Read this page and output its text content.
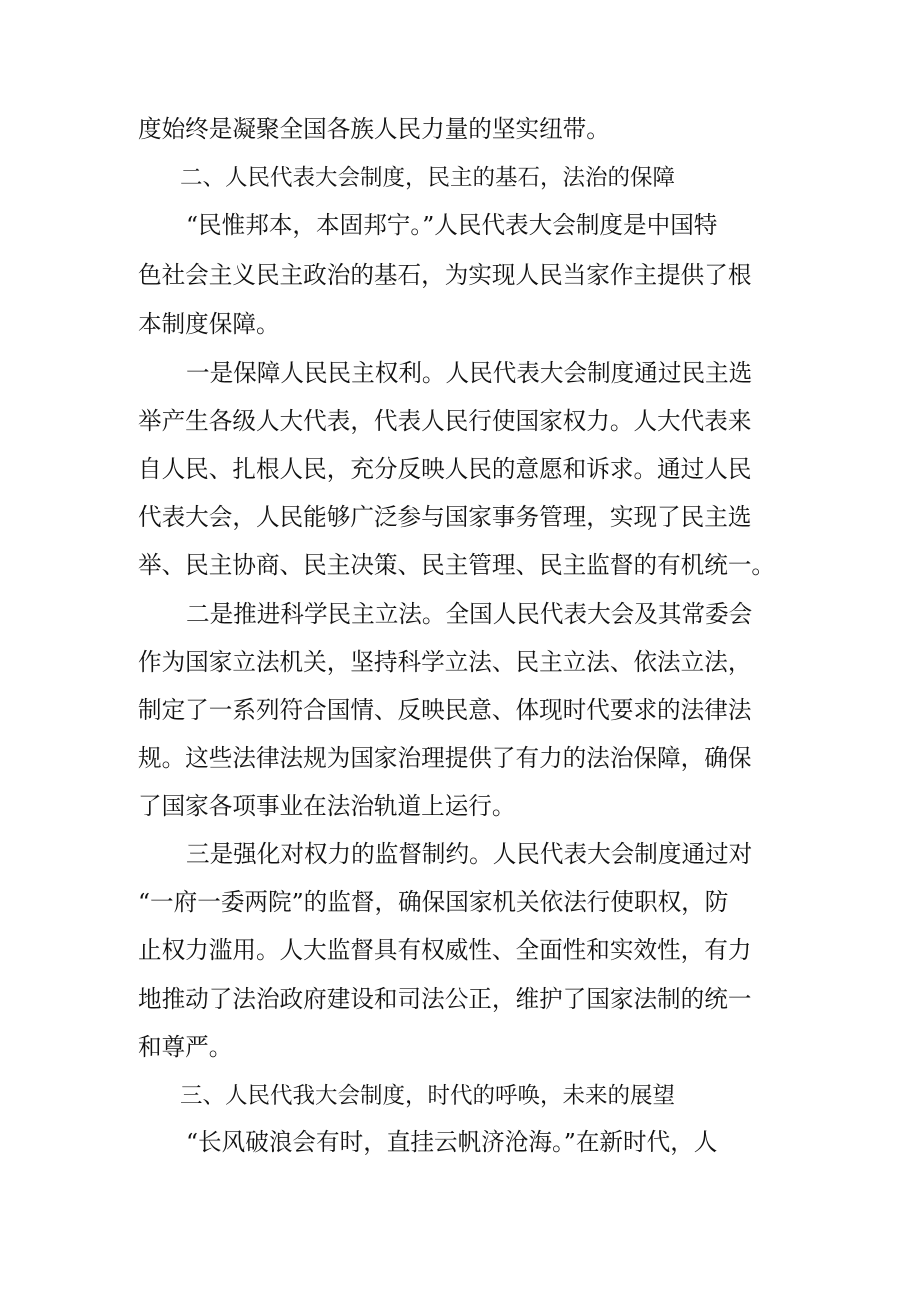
度始终是凝聚全国各族人民力量的坚实纽带。
二、人民代表大会制度，民主的基石，法治的保障
“民惟邦本，本固邦宁。”人民代表大会制度是中国特
色社会主义民主政治的基石，为实现人民当家作主提供了根
本制度保障。
一是保障人民民主权利。人民代表大会制度通过民主选
举产生各级人大代表，代表人民行使国家权力。人大代表来
自人民、扎根人民，充分反映人民的意愿和诉求。通过人民
代表大会，人民能够广泛参与国家事务管理，实现了民主选
举、民主协商、民主决策、民主管理、民主监督的有机统一。
二是推进科学民主立法。全国人民代表大会及其常委会
作为国家立法机关，坚持科学立法、民主立法、依法立法，
制定了一系列符合国情、反映民意、体现时代要求的法律法
规。这些法律法规为国家治理提供了有力的法治保障，确保
了国家各项事业在法治轨道上运行。
三是强化对权力的监督制约。人民代表大会制度通过对
“一府一委两院”的监督，确保国家机关依法行使职权，防
止权力滥用。人大监督具有权威性、全面性和实效性，有力
地推动了法治政府建设和司法公正，维护了国家法制的统一
和尊严。
三、人民代我大会制度，时代的呼唤，未来的展望
“长风破浪会有时，直挂云帆济沧海。”在新时代，人
